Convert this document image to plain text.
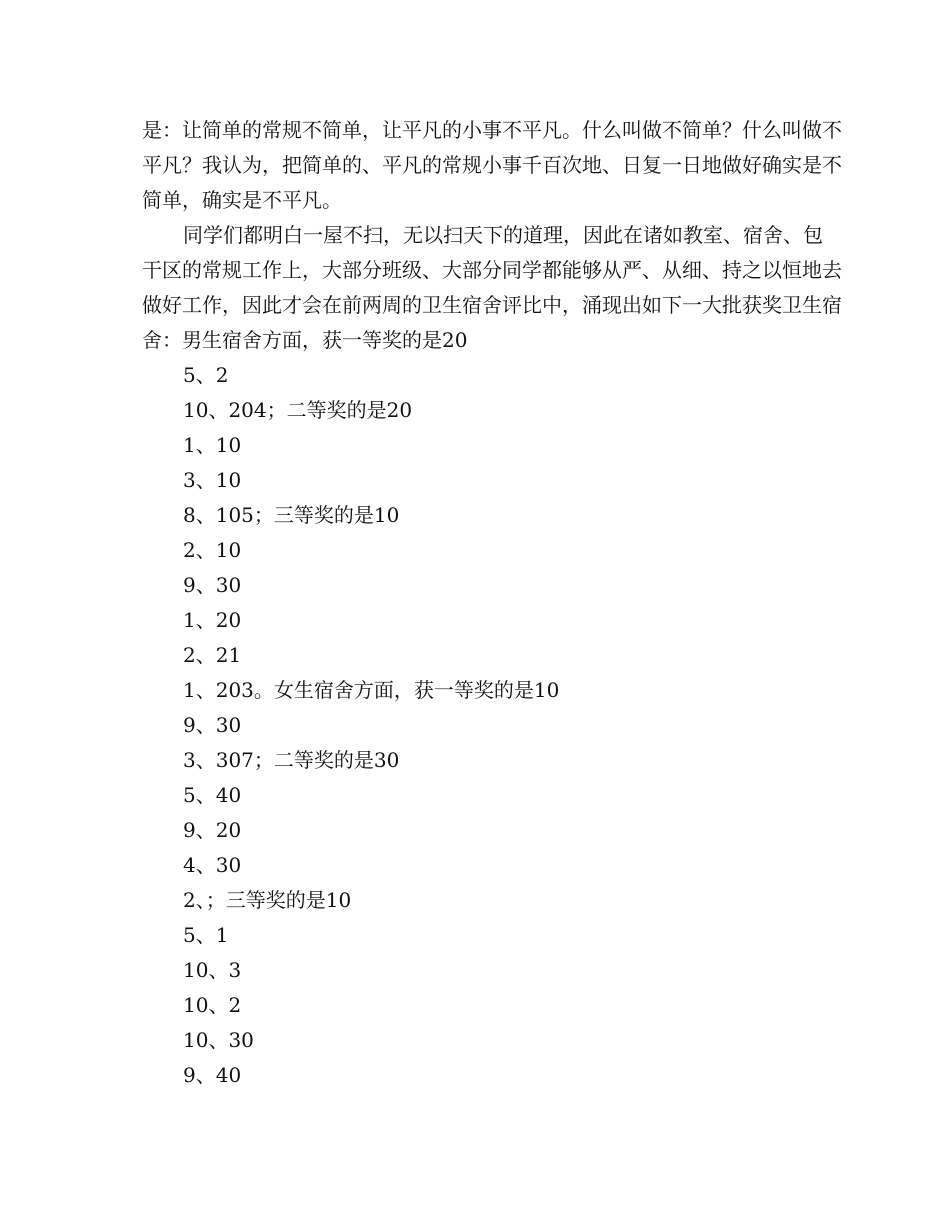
是：让简单的常规不简单，让平凡的小事不平凡。什么叫做不简单？什么叫做不平凡？我认为，把简单的、平凡的常规小事千百次地、日复一日地做好确实是不简单，确实是不平凡。

同学们都明白一屋不扫，无以扫天下的道理，因此在诸如教室、宿舍、包干区的常规工作上，大部分班级、大部分同学都能够从严、从细、持之以恒地去做好工作，因此才会在前两周的卫生宿舍评比中，涌现出如下一大批获奖卫生宿舍：男生宿舍方面，获一等奖的是20

5、2
10、204；二等奖的是20
1、10
3、10
8、105；三等奖的是10
2、10
9、30
1、20
2、21
1、203。女生宿舍方面，获一等奖的是10
9、30
3、307；二等奖的是30
5、40
9、20
4、30
2、；三等奖的是10
5、1
10、3
10、2
10、30
9、40
